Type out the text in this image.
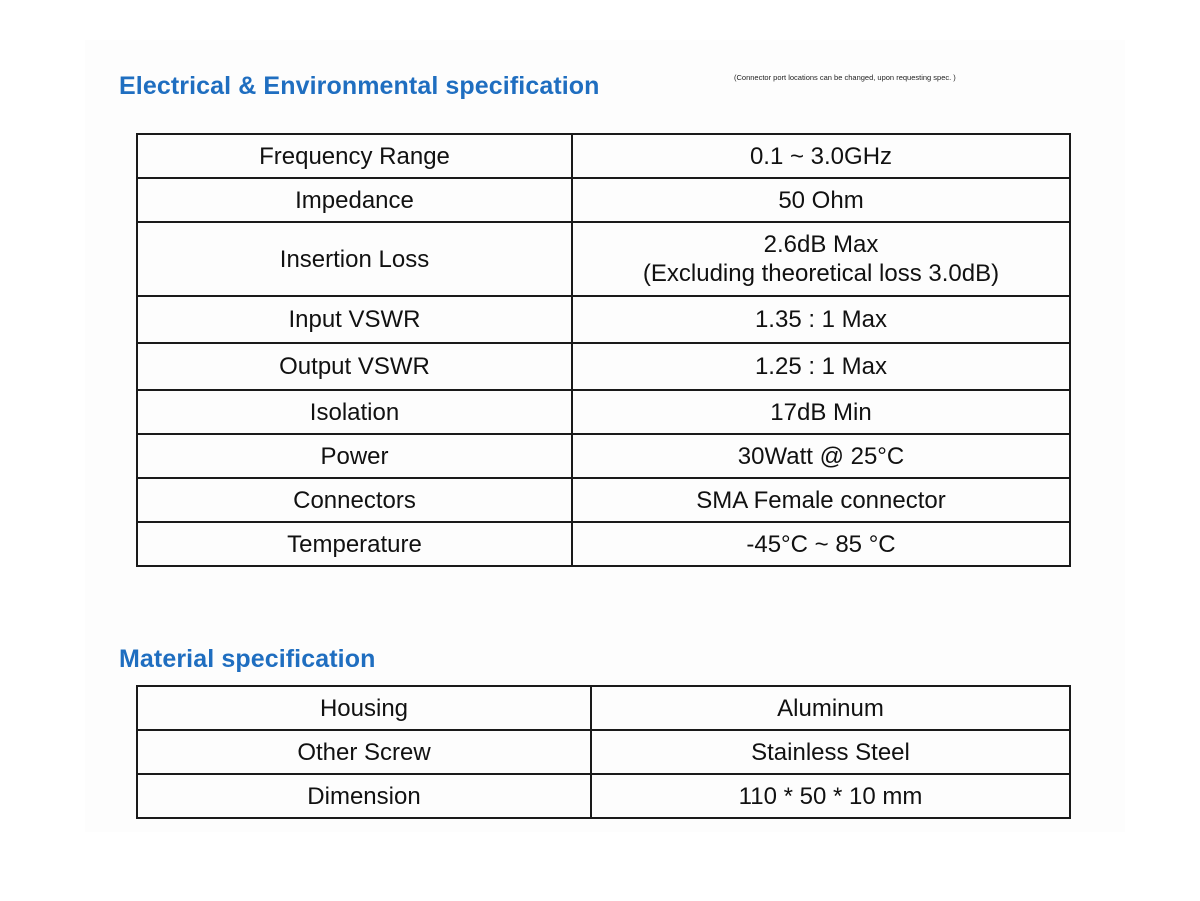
Electrical & Environmental specification	(Connector port locations can be changed, upon requesting spec. )
Frequency Range	0.1 ~ 3.0GHz
Impedance	50 Ohm
Insertion Loss	2.6dB Max
(Excluding theoretical loss 3.0dB)

Input VSWR	1.35 : 1 Max
Output VSWR	1.25 : 1 Max
Isolation	17dB Min
Power	30Watt @ 25°C
Connectors	SMA Female connector
Temperature	-45°C ~ 85 °C
Material specification
Housing	Aluminum
Other Screw	Stainless Steel
Dimension	110 * 50 * 10 mm
